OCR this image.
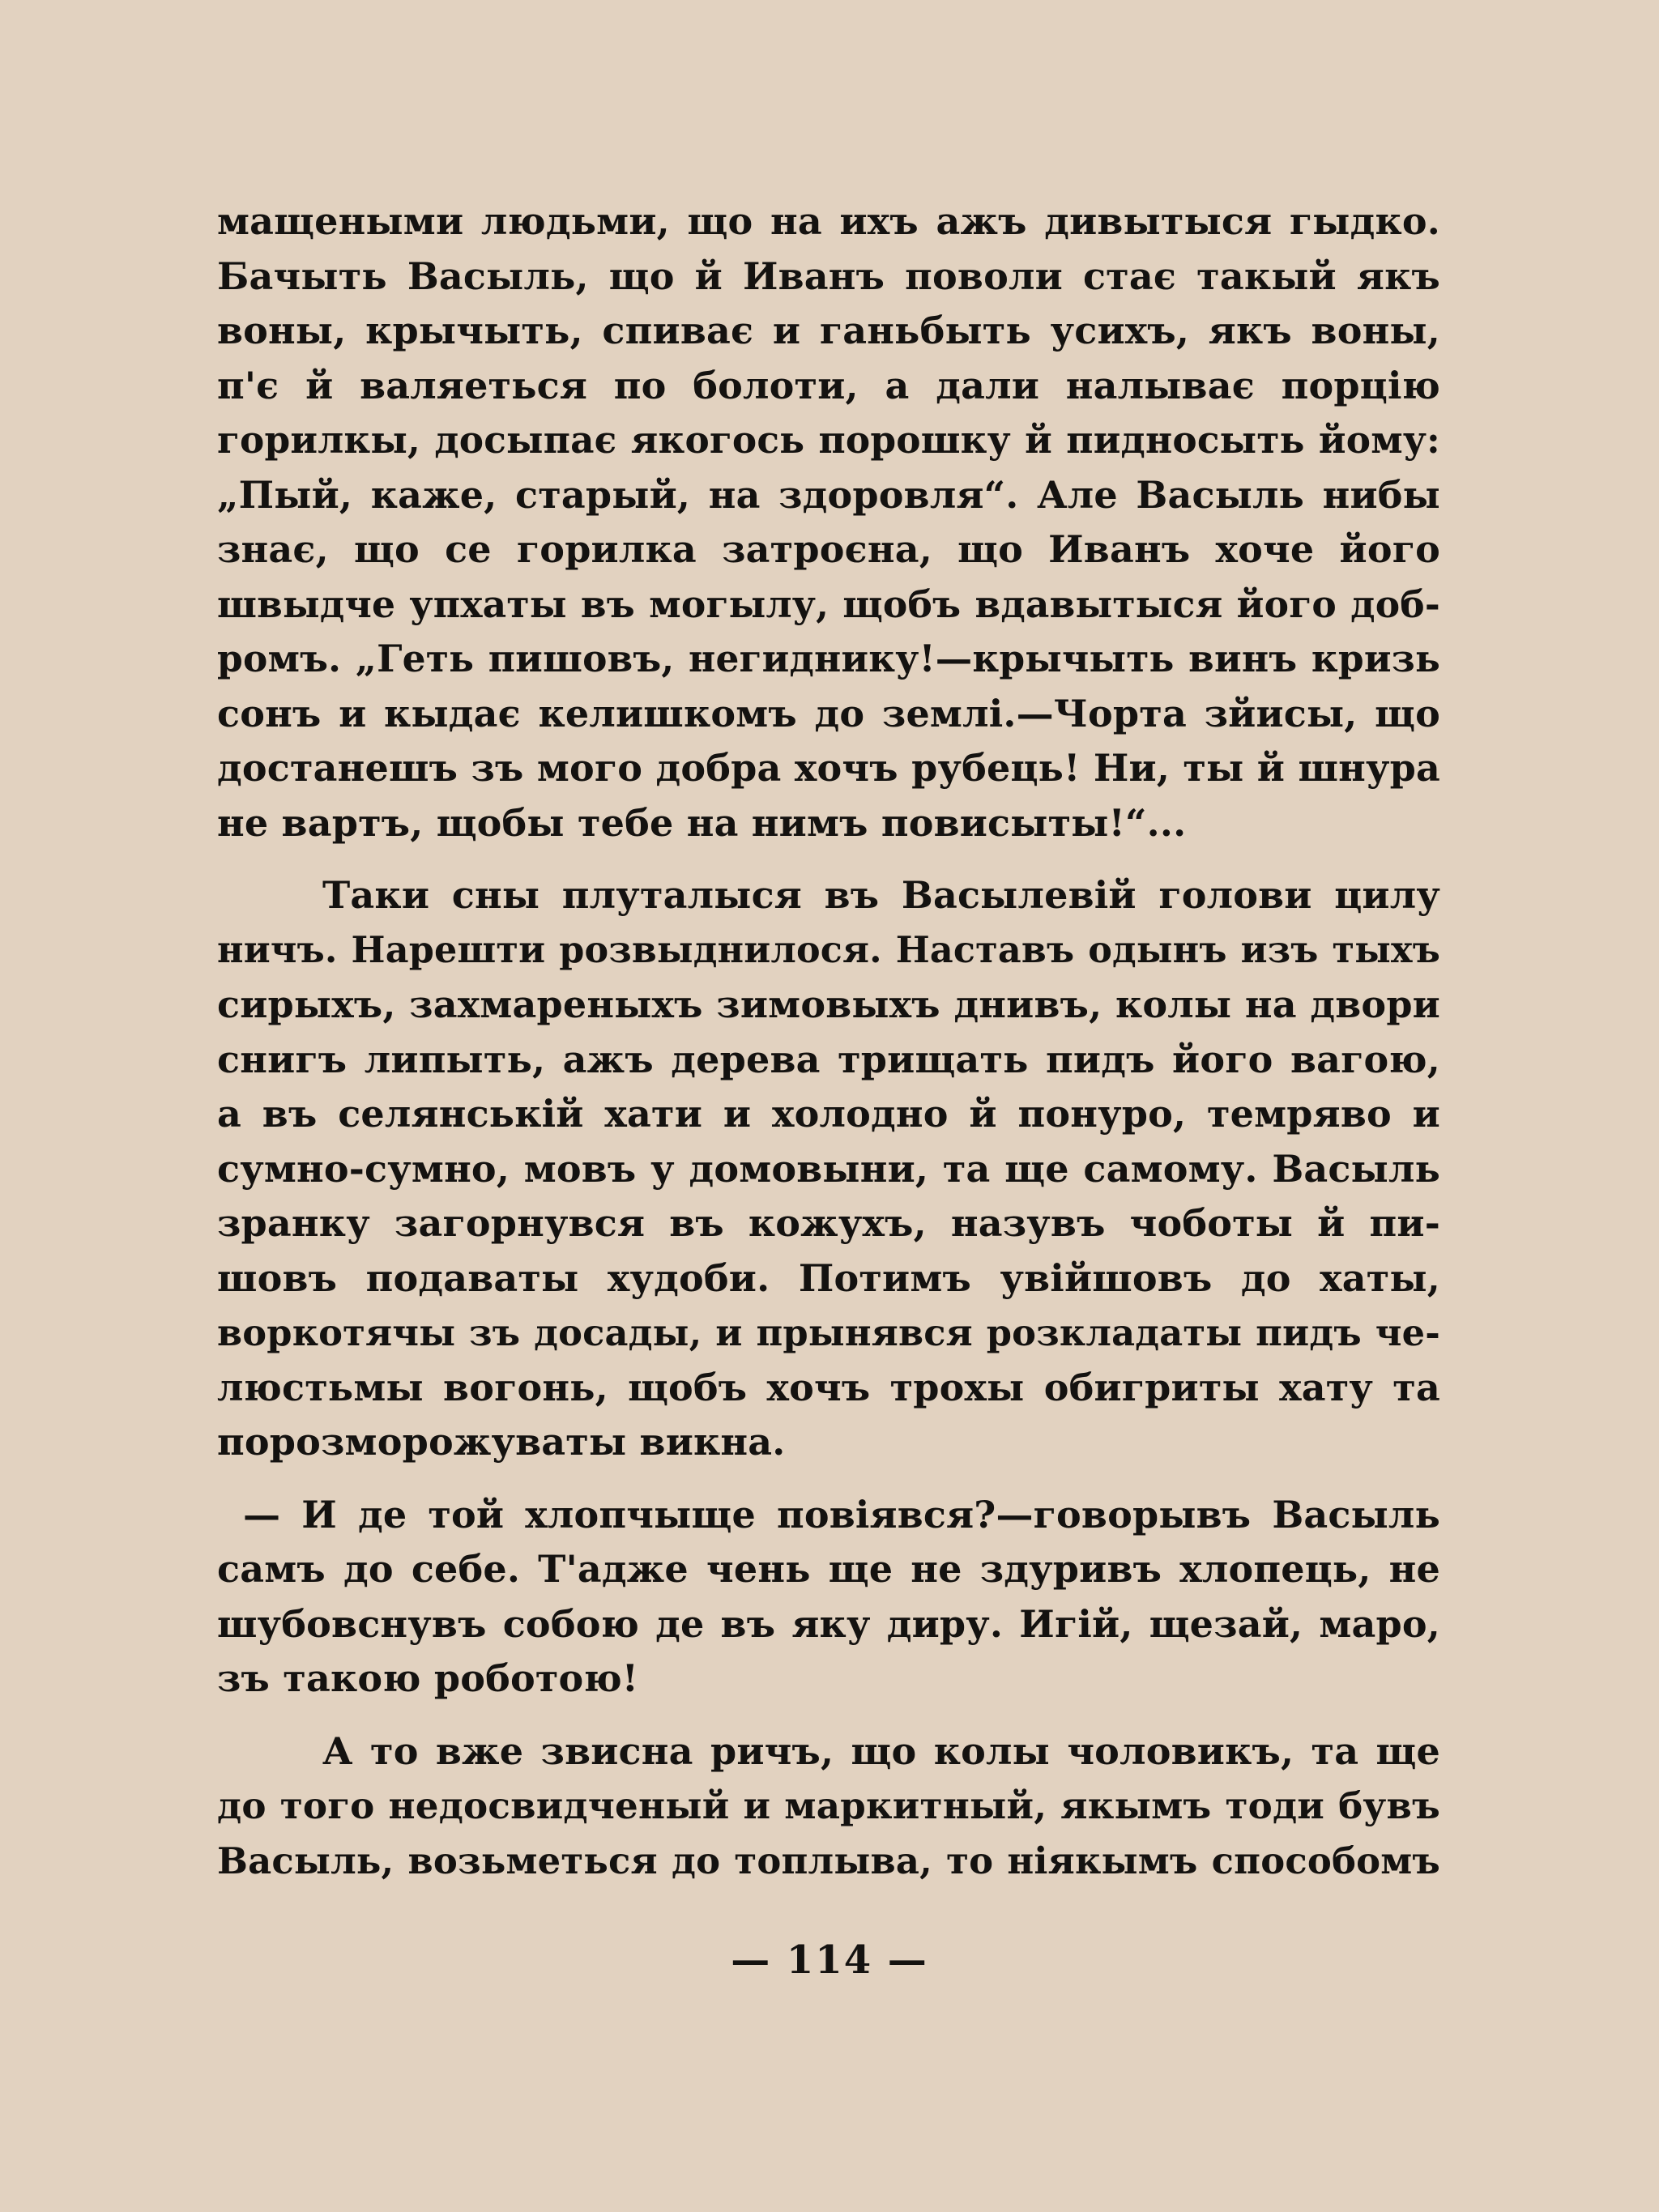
мащеными людьми, що на ихъ ажъ дивытыся гыдко.
Бачыть Васыль, що й Иванъ поволи стає такый якъ
воны, крычыть, спиває и ганьбыть усихъ, якъ воны,
п'є й валяеться по болоти, а дали налыває порцію
горилкы, досыпає якогось порошку й пидносыть йому:
„Пый, каже, старый, на здоровля“. Але Васыль нибы
знає, що се горилка затроєна, що Иванъ хоче його
швыдче упхаты въ могылу, щобъ вдавытыся його доб-
ромъ. „Геть пишовъ, негиднику!—крычыть винъ кризь
сонъ и кыдає келишкомъ до землі.—Чорта зйисы, що
достанешъ зъ мого добра хочъ рубець! Ни, ты й шнура
не вартъ, щобы тебе на нимъ повисыты!“...

Таки сны плуталыся въ Васылевій голови цилу
ничъ. Нарешти розвыднилося. Наставъ одынъ изъ тыхъ
сирыхъ, захмареныхъ зимовыхъ днивъ, колы на двори
снигъ липыть, ажъ дерева трищать пидъ його вагою,
а въ селянській хати и холодно й понуро, темряво и
сумно-сумно, мовъ у домовыни, та ще самому. Васыль
зранку загорнувся въ кожухъ, назувъ чоботы й пи-
шовъ подаваты худоби. Потимъ увійшовъ до хаты,
воркотячы зъ досады, и прынявся розкладаты пидъ че-
люстьмы вогонь, щобъ хочъ трохы обигриты хату та
порозморожуваты викна.

— И де той хлопчыще повіявся?—говорывъ Васыль
самъ до себе. Т'адже чень ще не здуривъ хлопець, не
шубовснувъ собою де въ яку диру. Игій, щезай, маро,
зъ такою роботою!

А то вже звисна ричъ, що колы чоловикъ, та ще
до того недосвидченый и маркитный, якымъ тоди бувъ
Васыль, возьметься до топлыва, то ніякымъ способомъ

— 114 —
